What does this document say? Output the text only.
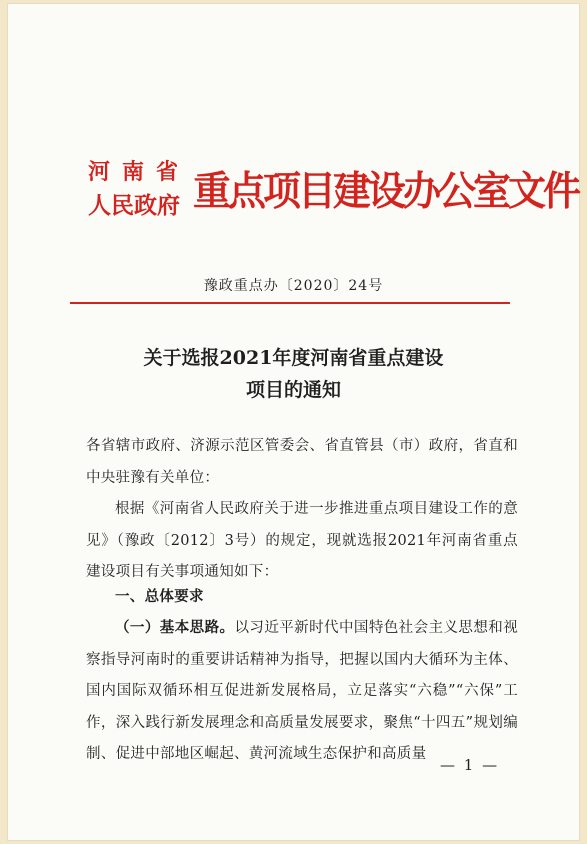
河南省
人民政府 重点项目建设办公室文件
豫政重点办〔2020〕24号
关于选报2021年度河南省重点建设
项目的通知
各省辖市政府、济源示范区管委会、省直管县（市）政府，省直和中央驻豫有关单位：
根据《河南省人民政府关于进一步推进重点项目建设工作的意见》（豫政〔2012〕3号）的规定，现就选报2021年河南省重点建设项目有关事项通知如下：
一、总体要求
（一）基本思路。以习近平新时代中国特色社会主义思想和视察指导河南时的重要讲话精神为指导，把握以国内大循环为主体、国内国际双循环相互促进新发展格局，立足落实“六稳”“六保”工作，深入践行新发展理念和高质量发展要求，聚焦“十四五”规划编制、促进中部地区崛起、黄河流域生态保护和高质量
— 1 —
